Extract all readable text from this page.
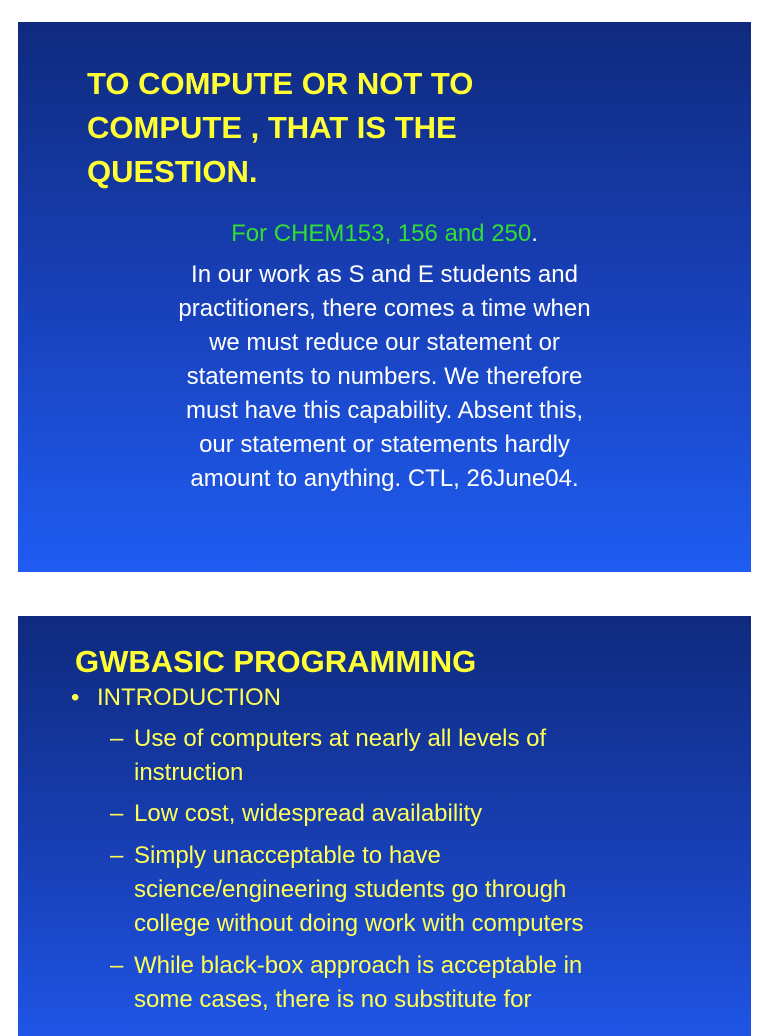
TO COMPUTE OR NOT TO
COMPUTE , THAT IS THE
QUESTION.
For CHEM153, 156 and 250.
In our work as S and E students and
practitioners, there comes a time when
we must reduce our statement or
statements to numbers. We therefore
must have this capability. Absent this,
our statement or statements hardly
amount to anything. CTL, 26June04.
GWBASIC PROGRAMMING
• INTRODUCTION
– Use of computers at nearly all levels of
instruction
– Low cost, widespread availability
– Simply unacceptable to have
science/engineering students go through
college without doing work with computers
– While black-box approach is acceptable in
some cases, there is no substitute for
